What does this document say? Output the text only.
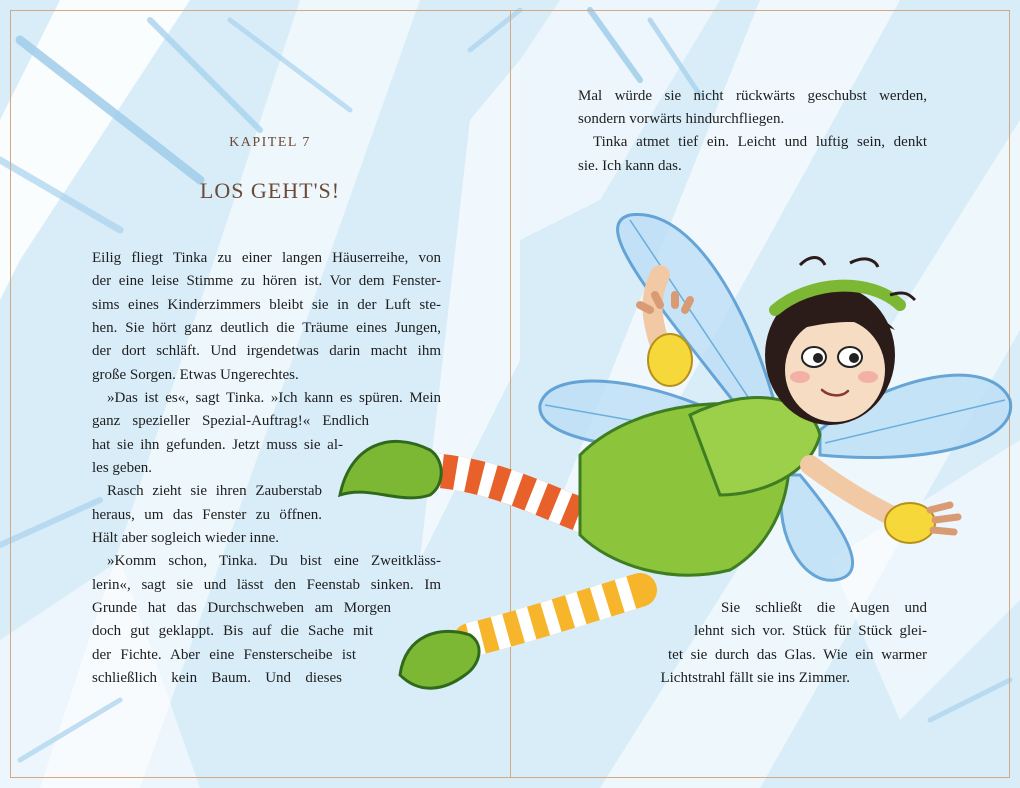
KAPITEL 7
LOS GEHT'S!
Eilig fliegt Tinka zu einer langen Häuserreihe, von
der eine leise Stimme zu hören ist. Vor dem Fenster-
sims eines Kinderzimmers bleibt sie in der Luft ste-
hen. Sie hört ganz deutlich die Träume eines Jungen,
der dort schläft. Und irgendetwas darin macht ihm
große Sorgen. Etwas Ungerechtes.
»Das ist es«, sagt Tinka. »Ich kann es spüren. Mein
ganz spezieller Spezial-Auftrag!« Endlich
hat sie ihn gefunden. Jetzt muss sie al-
les geben.
Rasch zieht sie ihren Zauberstab
heraus, um das Fenster zu öffnen.
Hält aber sogleich wieder inne.
»Komm schon, Tinka. Du bist eine Zweitkläss-
lerin«, sagt sie und lässt den Feenstab sinken. Im
Grunde hat das Durchschweben am Morgen
doch gut geklappt. Bis auf die Sache mit
der Fichte. Aber eine Fensterscheibe ist
schließlich kein Baum. Und dieses
Mal würde sie nicht rückwärts geschubst werden,
sondern vorwärts hindurchfliegen.
Tinka atmet tief ein. Leicht und luftig sein, denkt
sie. Ich kann das.
Sie schließt die Augen und
lehnt sich vor. Stück für Stück glei-
tet sie durch das Glas. Wie ein warmer
Lichtstrahl fällt sie ins Zimmer.
